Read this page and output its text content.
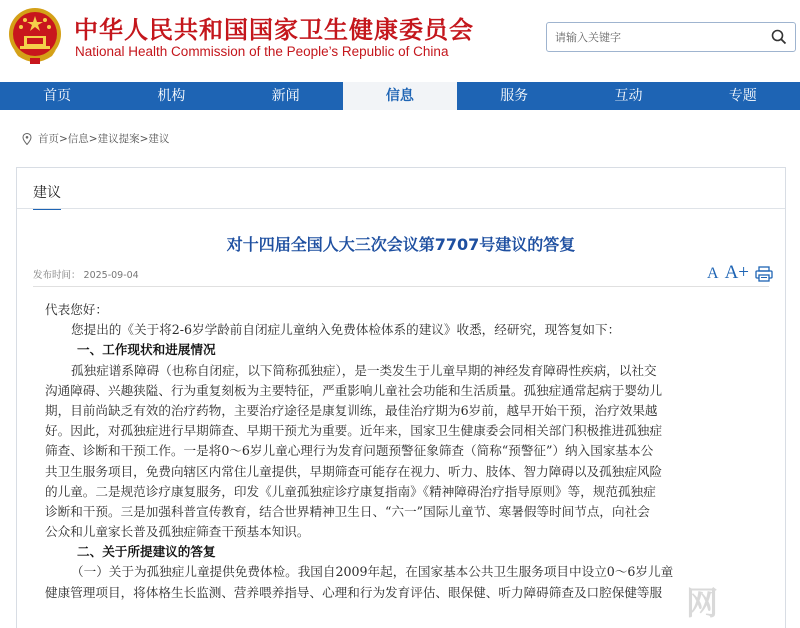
中华人民共和国国家卫生健康委员会
National Health Commission of the People’s Republic of China
请输入关键字
首页	机构	新闻	信息	服务	互动	专题
首页>信息>建议提案>建议
建议
对十四届全国人大三次会议第7707号建议的答复
发布时间： 2025-09-04	A A+

代表您好：

您提出的《关于将2-6岁学龄前自闭症儿童纳入免费体检体系的建议》收悉，经研究，现答复如下：

一、工作现状和进展情况

孤独症谱系障碍（也称自闭症，以下简称孤独症），是一类发生于儿童早期的神经发育障碍性疾病，以社交

沟通障碍、兴趣狭隘、行为重复刻板为主要特征，严重影响儿童社会功能和生活质量。孤独症通常起病于婴幼儿

期，目前尚缺乏有效的治疗药物，主要治疗途径是康复训练，最佳治疗期为6岁前，越早开始干预，治疗效果越

好。因此，对孤独症进行早期筛查、早期干预尤为重要。近年来，国家卫生健康委会同相关部门积极推进孤独症

筛查、诊断和干预工作。一是将0～6岁儿童心理行为发育问题预警征象筛查（简称“预警征”）纳入国家基本公

共卫生服务项目，免费向辖区内常住儿童提供，早期筛查可能存在视力、听力、肢体、智力障碍以及孤独症风险

的儿童。二是规范诊疗康复服务，印发《儿童孤独症诊疗康复指南》《精神障碍治疗指导原则》等，规范孤独症

诊断和干预。三是加强科普宣传教育，结合世界精神卫生日、“六一”国际儿童节、寒暑假等时间节点，向社会

公众和儿童家长普及孤独症筛查干预基本知识。

二、关于所提建议的答复

（一）关于为孤独症儿童提供免费体检。我国自2009年起，在国家基本公共卫生服务项目中设立0～6岁儿童

健康管理项目，将体格生长监测、营养喂养指导、心理和行为发育评估、眼保健、听力障碍筛查及口腔保健等服 网
